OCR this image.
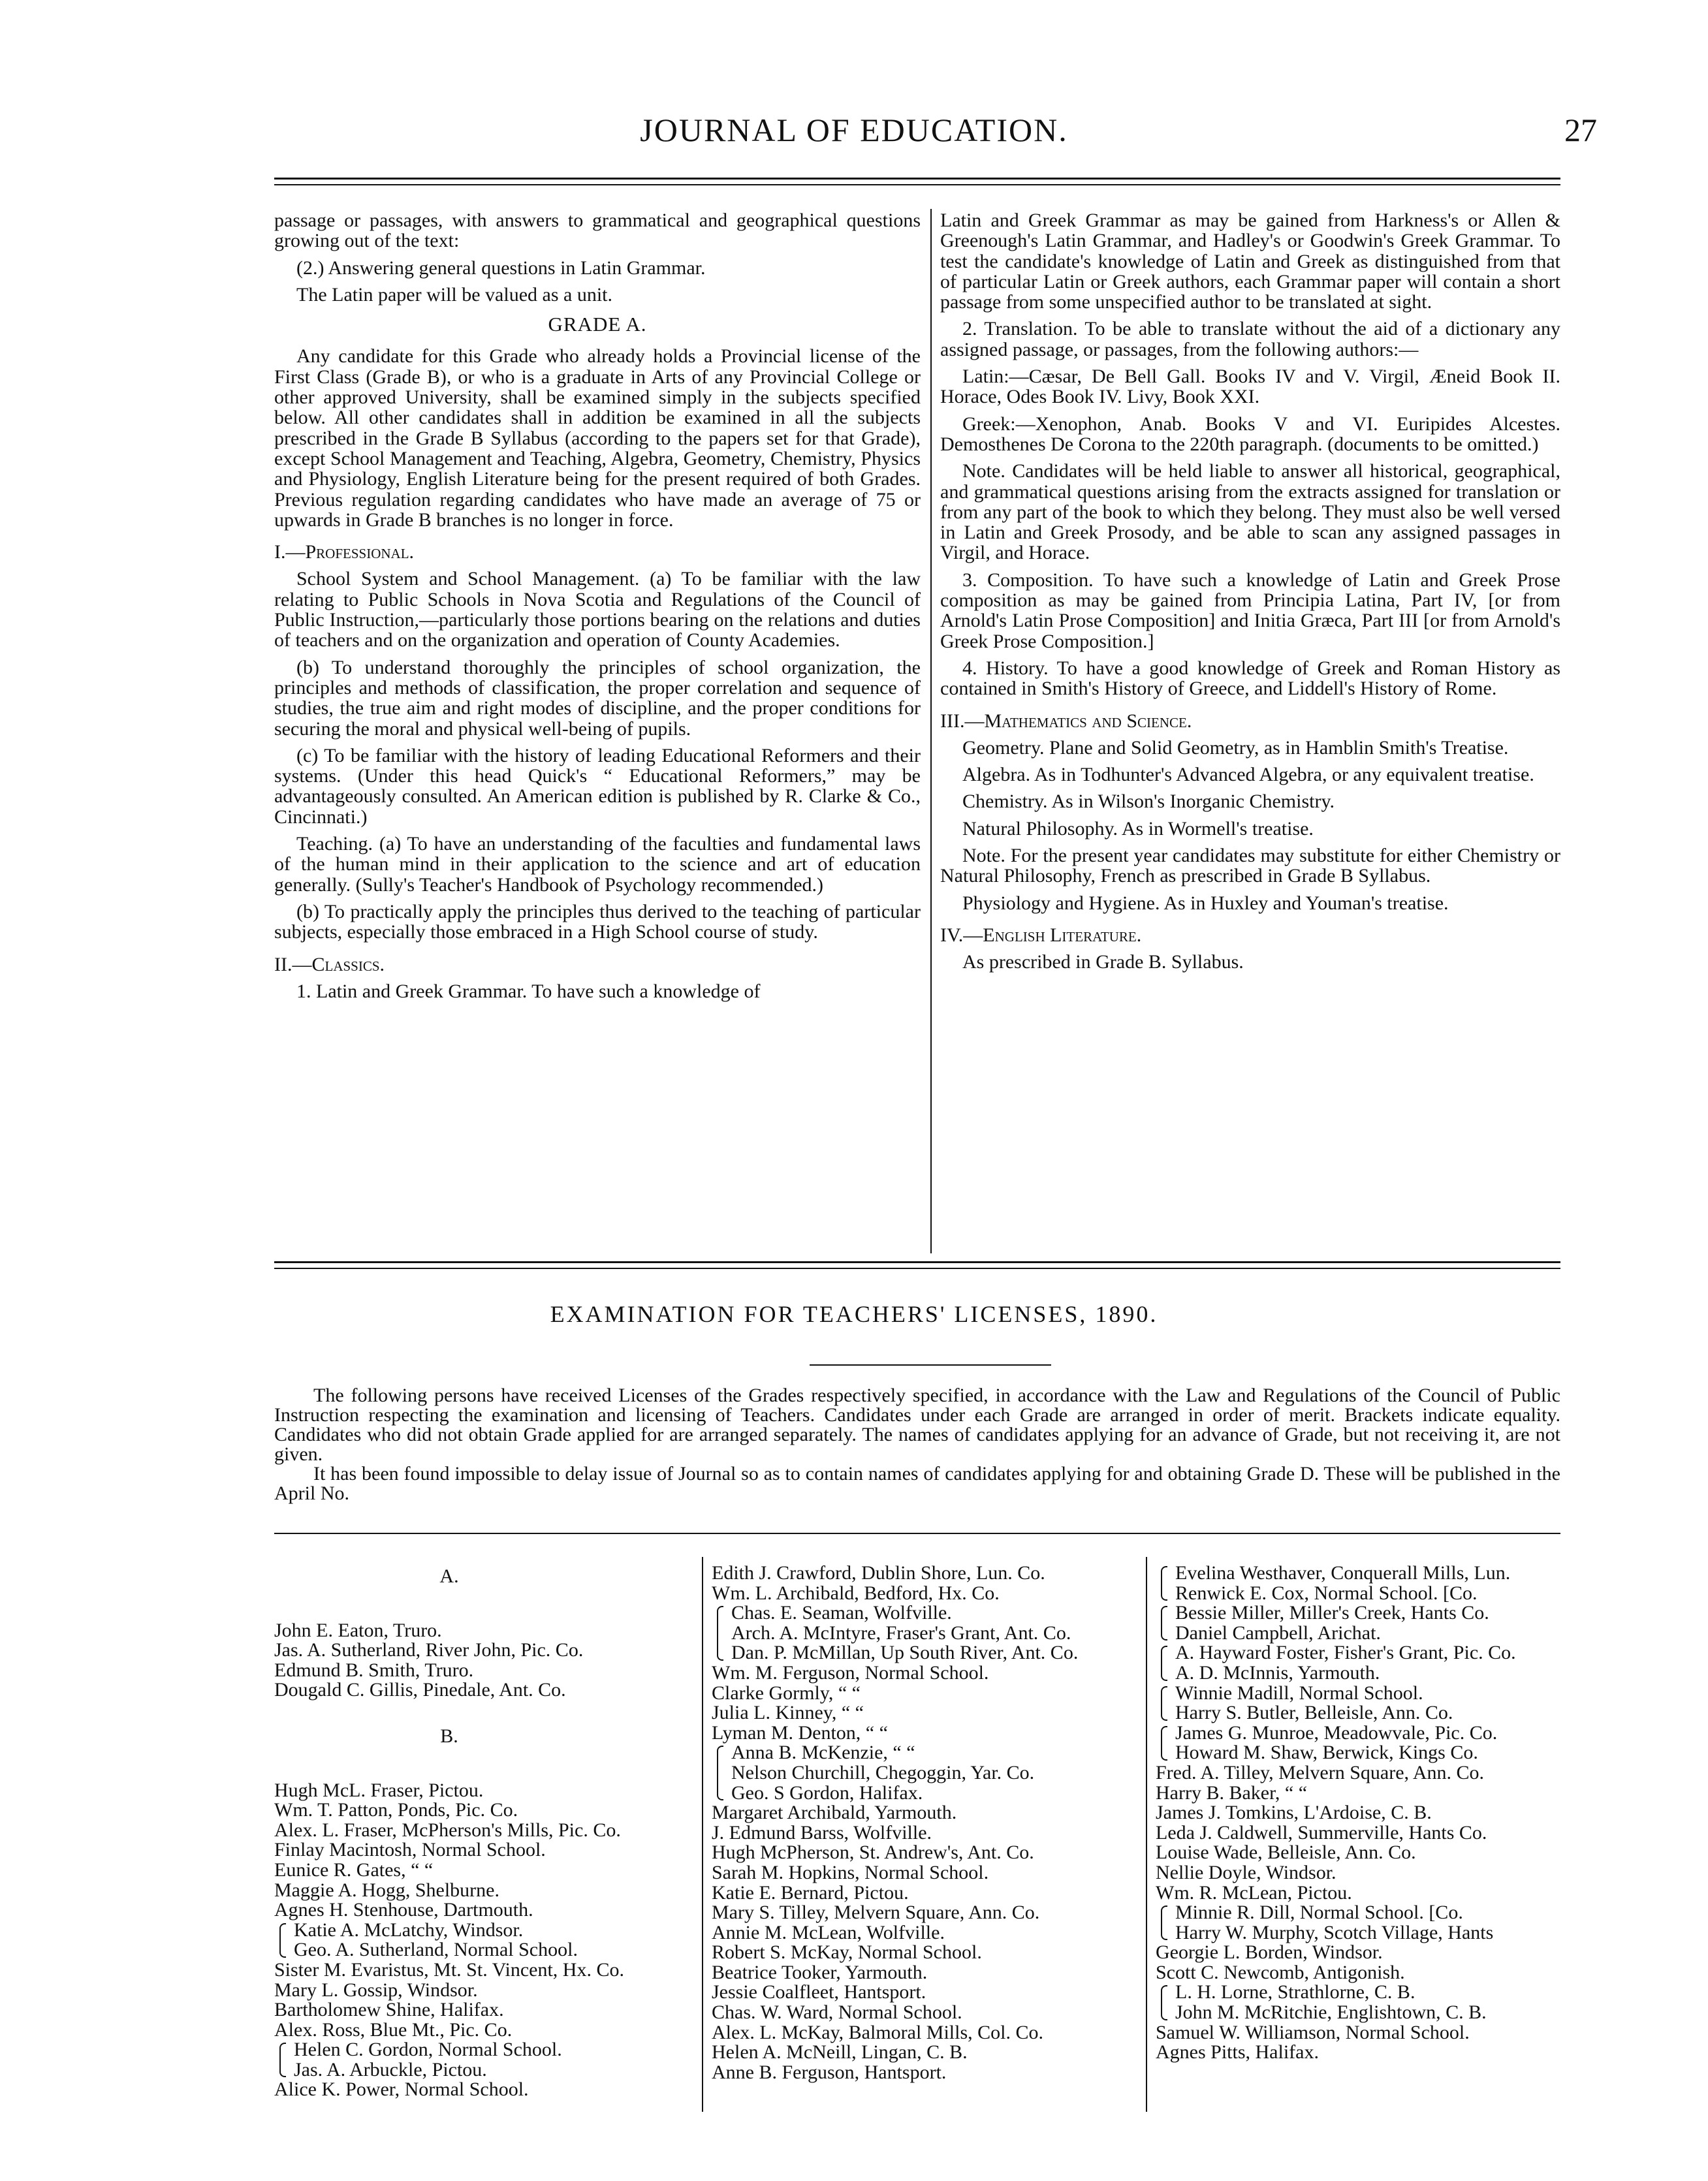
JOURNAL OF EDUCATION.	27

passage or passages, with answers to grammatical and geographical questions growing out of the text:

(2.) Answering general questions in Latin Grammar.

The Latin paper will be valued as a unit.

GRADE A.

Any candidate for this Grade who already holds a Provincial license of the First Class (Grade B), or who is a graduate in Arts of any Provincial College or other approved University, shall be examined simply in the subjects specified below. All other candidates shall in addition be examined in all the subjects prescribed in the Grade B Syllabus (according to the papers set for that Grade), except School Management and Teaching, Algebra, Geometry, Chemistry, Physics and Physiology, English Literature being for the present required of both Grades. Previous regulation regarding candidates who have made an average of 75 or upwards in Grade B branches is no longer in force.

I.—Professional.

School System and School Management. (a) To be familiar with the law relating to Public Schools in Nova Scotia and Regulations of the Council of Public Instruction,—particularly those portions bearing on the relations and duties of teachers and on the organization and operation of County Academies.

(b) To understand thoroughly the principles of school organization, the principles and methods of classification, the proper correlation and sequence of studies, the true aim and right modes of discipline, and the proper conditions for securing the moral and physical well-being of pupils.

(c) To be familiar with the history of leading Educational Reformers and their systems. (Under this head Quick's “ Educational Reformers,” may be advantageously consulted. An American edition is published by R. Clarke & Co., Cincinnati.)

Teaching. (a) To have an understanding of the faculties and fundamental laws of the human mind in their application to the science and art of education generally. (Sully's Teacher's Handbook of Psychology recommended.)

(b) To practically apply the principles thus derived to the teaching of particular subjects, especially those embraced in a High School course of study.

II.—Classics.

1. Latin and Greek Grammar. To have such a knowledge of

Latin and Greek Grammar as may be gained from Harkness's or Allen & Greenough's Latin Grammar, and Hadley's or Goodwin's Greek Grammar. To test the candidate's knowledge of Latin and Greek as distinguished from that of particular Latin or Greek authors, each Grammar paper will contain a short passage from some unspecified author to be translated at sight.

2. Translation. To be able to translate without the aid of a dictionary any assigned passage, or passages, from the following authors:—

Latin:—Cæsar, De Bell Gall. Books IV and V. Virgil, Æneid Book II. Horace, Odes Book IV. Livy, Book XXI.

Greek:—Xenophon, Anab. Books V and VI. Euripides Alcestes. Demosthenes De Corona to the 220th paragraph. (documents to be omitted.)

Note. Candidates will be held liable to answer all historical, geographical, and grammatical questions arising from the extracts assigned for translation or from any part of the book to which they belong. They must also be well versed in Latin and Greek Prosody, and be able to scan any assigned passages in Virgil, and Horace.

3. Composition. To have such a knowledge of Latin and Greek Prose composition as may be gained from Principia Latina, Part IV, [or from Arnold's Latin Prose Composition] and Initia Græca, Part III [or from Arnold's Greek Prose Composition.]

4. History. To have a good knowledge of Greek and Roman History as contained in Smith's History of Greece, and Liddell's History of Rome.

III.—Mathematics and Science.

Geometry. Plane and Solid Geometry, as in Hamblin Smith's Treatise.

Algebra. As in Todhunter's Advanced Algebra, or any equivalent treatise.

Chemistry. As in Wilson's Inorganic Chemistry.

Natural Philosophy. As in Wormell's treatise.

Note. For the present year candidates may substitute for either Chemistry or Natural Philosophy, French as prescribed in Grade B Syllabus.

Physiology and Hygiene. As in Huxley and Youman's treatise.

IV.—English Literature.

As prescribed in Grade B. Syllabus.

EXAMINATION FOR TEACHERS' LICENSES, 1890.

The following persons have received Licenses of the Grades respectively specified, in accordance with the Law and Regulations of the Council of Public Instruction respecting the examination and licensing of Teachers. Candidates under each Grade are arranged in order of merit. Brackets indicate equality. Candidates who did not obtain Grade applied for are arranged separately. The names of candidates applying for an advance of Grade, but not receiving it, are not given.

It has been found impossible to delay issue of Journal so as to contain names of candidates applying for and obtaining Grade D. These will be published in the April No.

A.
John E. Eaton, Truro.
Jas. A. Sutherland, River John, Pic. Co.
Edmund B. Smith, Truro.
Dougald C. Gillis, Pinedale, Ant. Co.
B.
Hugh McL. Fraser, Pictou.
Wm. T. Patton, Ponds, Pic. Co.
Alex. L. Fraser, McPherson's Mills, Pic. Co.
Finlay Macintosh, Normal School.
Eunice R. Gates, “ “
Maggie A. Hogg, Shelburne.
Agnes H. Stenhouse, Dartmouth.
Katie A. McLatchy, Windsor.
Geo. A. Sutherland, Normal School.
Sister M. Evaristus, Mt. St. Vincent, Hx. Co.
Mary L. Gossip, Windsor.
Bartholomew Shine, Halifax.
Alex. Ross, Blue Mt., Pic. Co.
Helen C. Gordon, Normal School.
Jas. A. Arbuckle, Pictou.
Alice K. Power, Normal School.
Edith J. Crawford, Dublin Shore, Lun. Co.
Wm. L. Archibald, Bedford, Hx. Co.
Chas. E. Seaman, Wolfville.
Arch. A. McIntyre, Fraser's Grant, Ant. Co.
Dan. P. McMillan, Up South River, Ant. Co.
Wm. M. Ferguson, Normal School.
Clarke Gormly, “ “
Julia L. Kinney, “ “
Lyman M. Denton, “ “
Anna B. McKenzie, “ “
Nelson Churchill, Chegoggin, Yar. Co.
Geo. S Gordon, Halifax.
Margaret Archibald, Yarmouth.
J. Edmund Barss, Wolfville.
Hugh McPherson, St. Andrew's, Ant. Co.
Sarah M. Hopkins, Normal School.
Katie E. Bernard, Pictou.
Mary S. Tilley, Melvern Square, Ann. Co.
Annie M. McLean, Wolfville.
Robert S. McKay, Normal School.
Beatrice Tooker, Yarmouth.
Jessie Coalfleet, Hantsport.
Chas. W. Ward, Normal School.
Alex. L. McKay, Balmoral Mills, Col. Co.
Helen A. McNeill, Lingan, C. B.
Anne B. Ferguson, Hantsport.
Evelina Westhaver, Conquerall Mills, Lun.
Renwick E. Cox, Normal School. [Co.
Bessie Miller, Miller's Creek, Hants Co.
Daniel Campbell, Arichat.
A. Hayward Foster, Fisher's Grant, Pic. Co.
A. D. McInnis, Yarmouth.
Winnie Madill, Normal School.
Harry S. Butler, Belleisle, Ann. Co.
James G. Munroe, Meadowvale, Pic. Co.
Howard M. Shaw, Berwick, Kings Co.
Fred. A. Tilley, Melvern Square, Ann. Co.
Harry B. Baker, “ “
James J. Tomkins, L'Ardoise, C. B.
Leda J. Caldwell, Summerville, Hants Co.
Louise Wade, Belleisle, Ann. Co.
Nellie Doyle, Windsor.
Wm. R. McLean, Pictou.
Minnie R. Dill, Normal School. [Co.
Harry W. Murphy, Scotch Village, Hants
Georgie L. Borden, Windsor.
Scott C. Newcomb, Antigonish.
L. H. Lorne, Strathlorne, C. B.
John M. McRitchie, Englishtown, C. B.
Samuel W. Williamson, Normal School.
Agnes Pitts, Halifax.
